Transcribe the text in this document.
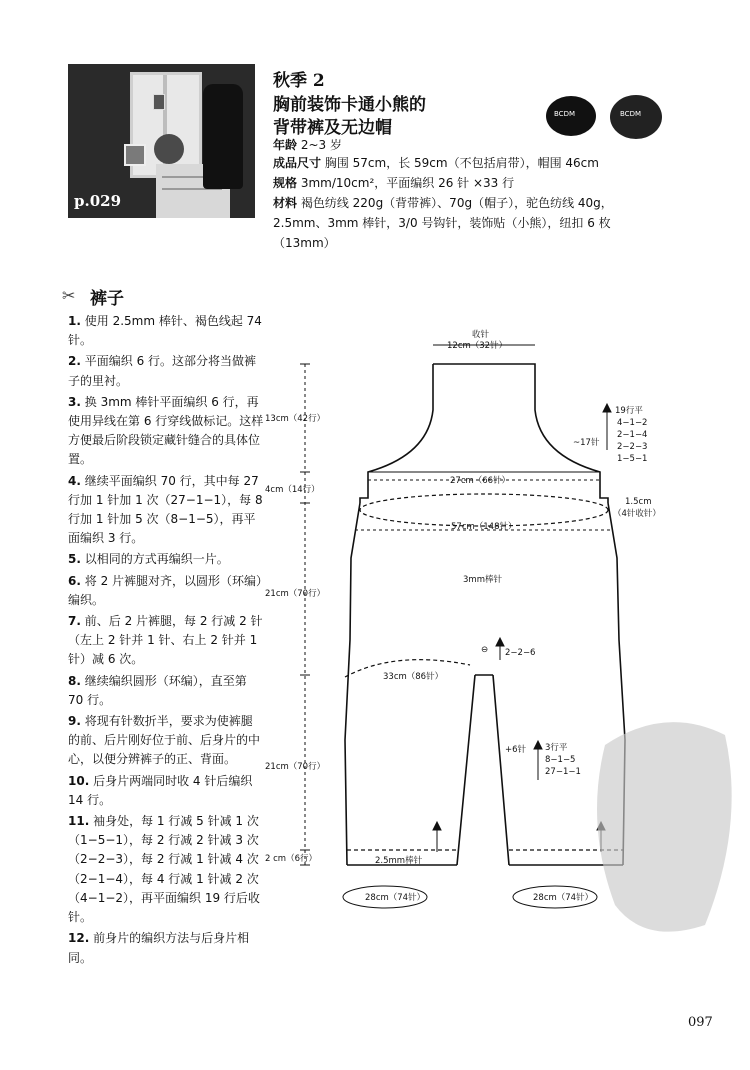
p.029
秋季 2
胸前装饰卡通小熊的
背带裤及无边帽
BCDM	BCDM
年龄 2~3 岁
成品尺寸 胸围 57cm，长 59cm（不包括肩带），帽围 46cm
规格 3mm/10cm²，平面编织 26 针 ×33 行
材料 褐色纺线 220g（背带裤）、70g（帽子），驼色纺线 40g，
2.5mm、3mm 棒针，3/0 号钩针，装饰贴（小熊），纽扣 6 枚
（13mm）
✂ 裤子

1. 使用 2.5mm 棒针、褐色线起 74 针。

2. 平面编织 6 行。这部分将当做裤子的里衬。

3. 换 3mm 棒针平面编织 6 行，再使用异线在第 6 行穿线做标记。这样方便最后阶段锁定藏针缝合的具体位置。

4. 继续平面编织 70 行，其中每 27 行加 1 针加 1 次（27−1−1），每 8 行加 1 针加 5 次（8−1−5），再平面编织 3 行。

5. 以相同的方式再编织一片。

6. 将 2 片裤腿对齐，以圆形（环编）编织。

7. 前、后 2 片裤腿，每 2 行减 2 针（左上 2 针并 1 针、右上 2 针并 1 针）减 6 次。

8. 继续编织圆形（环编），直至第 70 行。

9. 将现有针数折半，要求为使裤腿的前、后片刚好位于前、后身片的中心，以便分辨裤子的正、背面。

10. 后身片两端同时收 4 针后编织 14 行。

11. 袖身处，每 1 行减 5 针减 1 次（1−5−1），每 2 行减 2 针减 3 次（2−2−3），每 2 行减 1 针减 4 次（2−1−4），每 4 行减 1 针减 2 次（4−1−2），再平面编织 19 行后收针。

12. 前身片的编织方法与后身片相同。

收针
12cm（32针）
13cm（42行）
4cm（14行）
21cm（70行）
21cm（70行）
2 cm（6行）
27cm（66针）
57cm（148针）
1.5cm
（4针收针）
3mm棒针
2.5mm棒针
2−2−6
⊖
33cm（86针）
~17针
+6针
19行平
4−1−2
2−1−4
2−2−3
1−5−1
3行平
8−1−5
27−1−1
28cm（74针）	28cm（74针）
097
